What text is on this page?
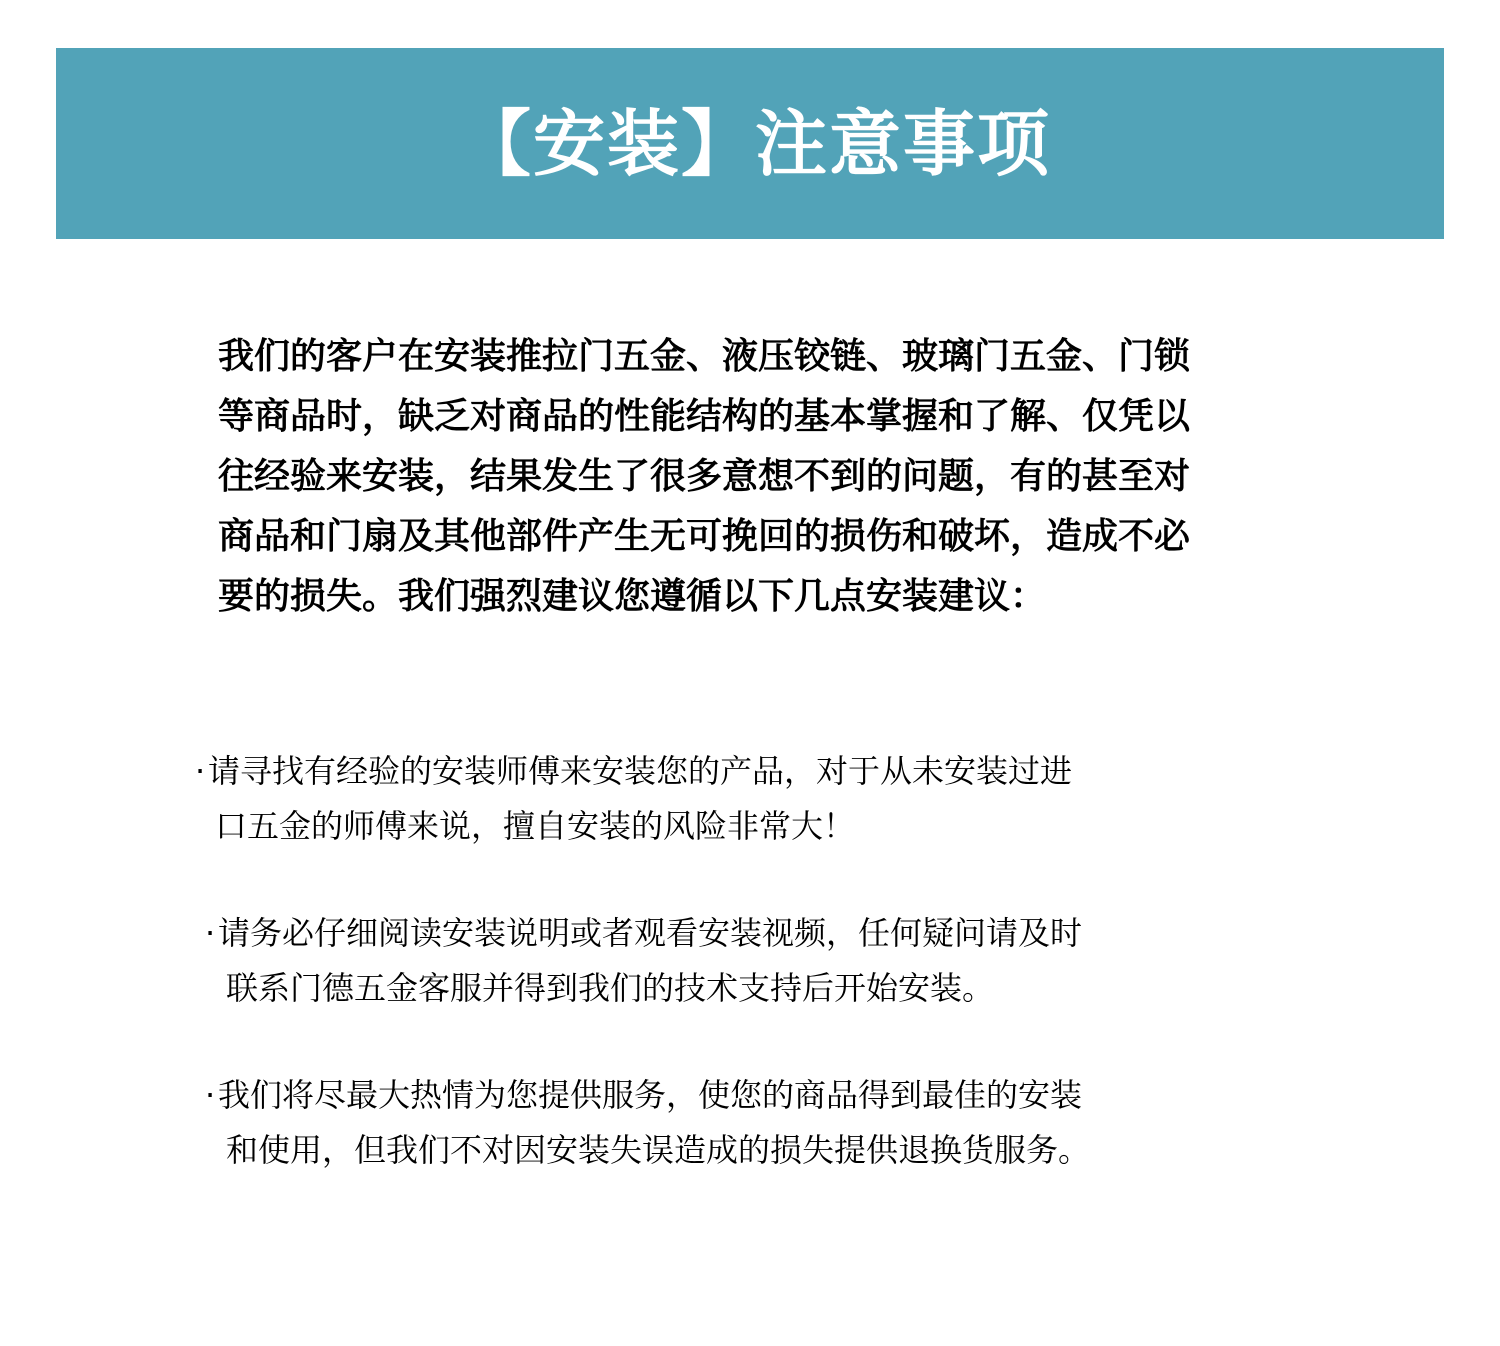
【安装】注意事项
我们的客户在安装推拉门五金、液压铰链、玻璃门五金、门锁
等商品时，缺乏对商品的性能结构的基本掌握和了解、仅凭以
往经验来安装，结果发生了很多意想不到的问题，有的甚至对
商品和门扇及其他部件产生无可挽回的损伤和破坏，造成不必
要的损失。我们强烈建议您遵循以下几点安装建议：
·请寻找有经验的安装师傅来安装您的产品，对于从未安装过进
口五金的师傅来说，擅自安装的风险非常大！
·请务必仔细阅读安装说明或者观看安装视频，任何疑问请及时
联系门德五金客服并得到我们的技术支持后开始安装。
·我们将尽最大热情为您提供服务，使您的商品得到最佳的安装
和使用，但我们不对因安装失误造成的损失提供退换货服务。
